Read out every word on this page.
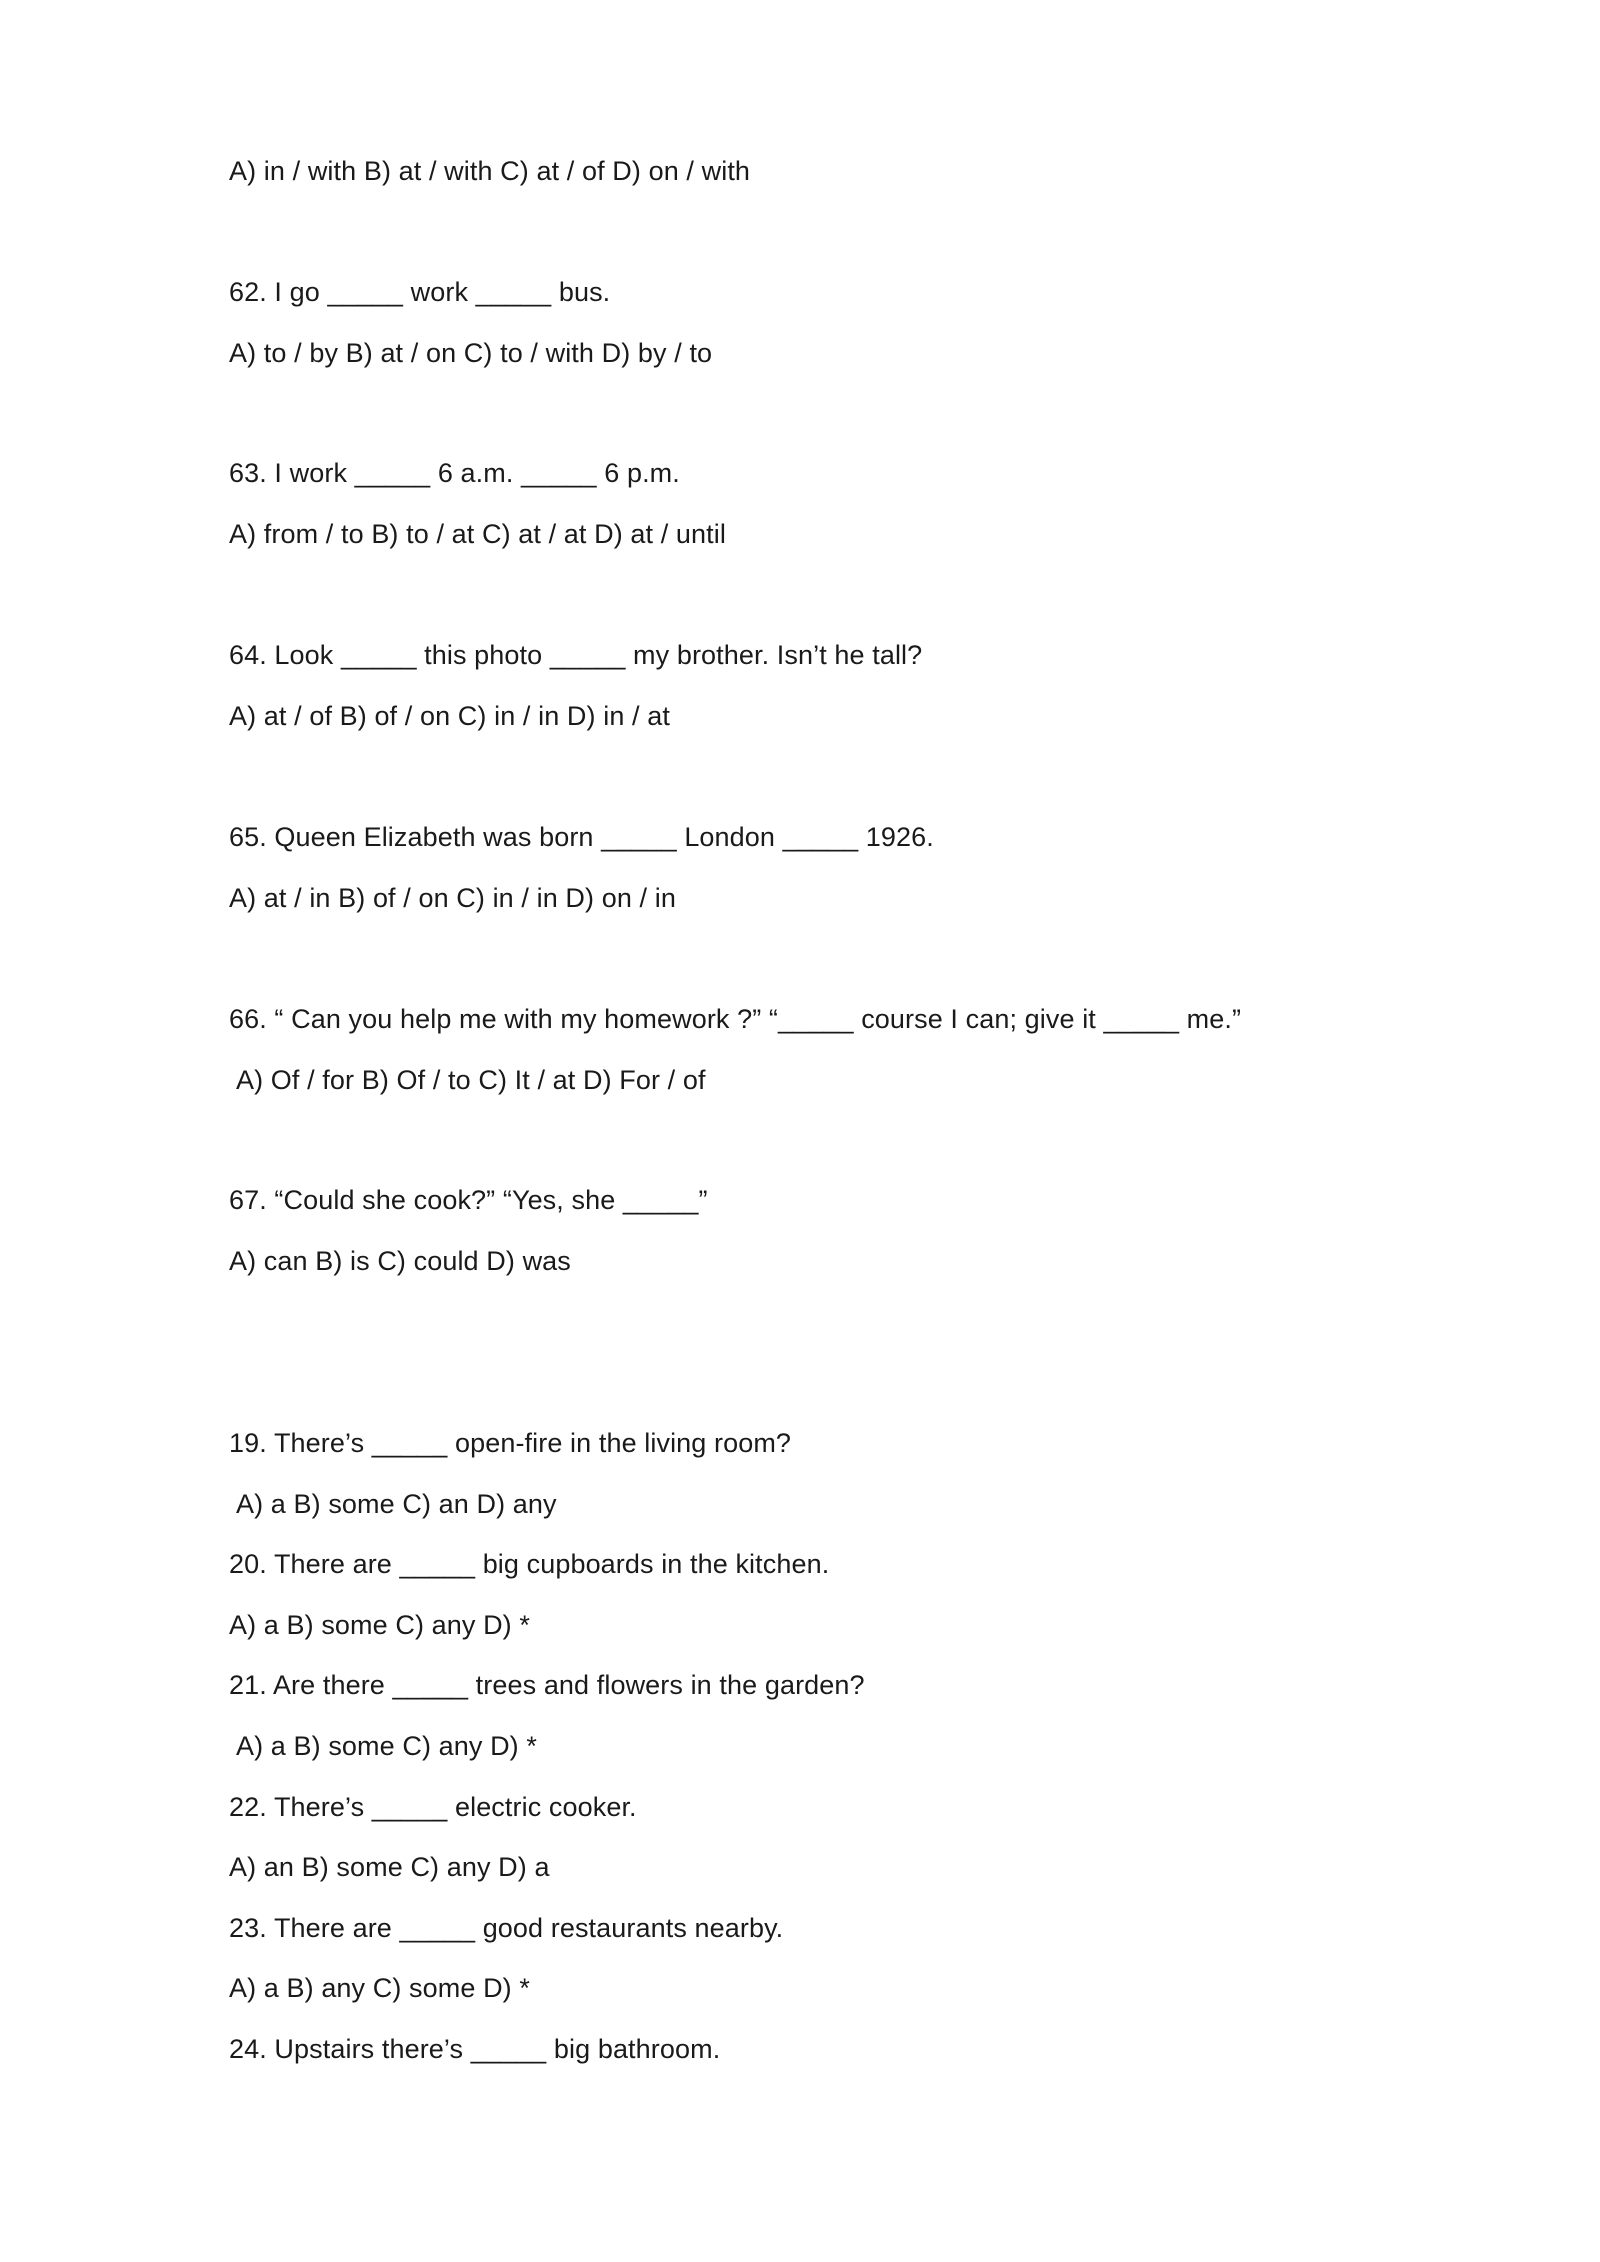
A) in / with B) at / with C) at / of D) on / with

62. I go _____ work _____ bus.

A) to / by B) at / on C) to / with D) by / to

63. I work _____ 6 a.m. _____ 6 p.m.

A) from / to B) to / at C) at / at D) at / until

64. Look _____ this photo _____ my brother. Isn’t he tall?

A) at / of B) of / on C) in / in D) in / at

65. Queen Elizabeth was born _____ London _____ 1926.

A) at / in B) of / on C) in / in D) on / in

66. “ Can you help me with my homework ?” “_____ course I can; give it _____ me.”

A) Of / for B) Of / to C) It / at D) For / of

67. “Could she cook?” “Yes, she _____”

A) can B) is C) could D) was

19. There’s _____ open-fire in the living room?

A) a B) some C) an D) any

20. There are _____ big cupboards in the kitchen.

A) a B) some C) any D) *

21. Are there _____ trees and flowers in the garden?

A) a B) some C) any D) *

22. There’s _____ electric cooker.

A) an B) some C) any D) a

23. There are _____ good restaurants nearby.

A) a B) any C) some D) *

24. Upstairs there’s _____ big bathroom.
